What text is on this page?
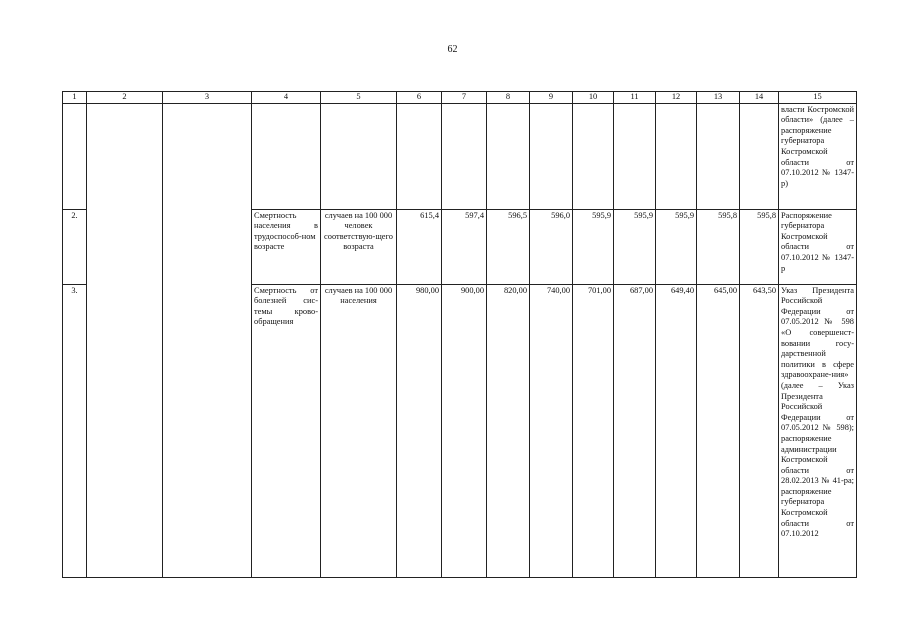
62
1	2	3	4	5	6	7	8	9	10	11	12	13	14	15
														власти Костромской области» (далее – распоряжение губернатора Костромской области от 07.10.2012 № 1347-р)
2.			Смертность населения в трудоспособ-ном возрасте	случаев на 100 000 человек соответствую-щего возраста	615,4	597,4	596,5	596,0	595,9	595,9	595,9	595,8	595,8	Распоряжение губернатора Костромской области от 07.10.2012 № 1347-р
3.			Смертность от болезней сис-темы крово-обращения	случаев на 100 000 населения	980,00	900,00	820,00	740,00	701,00	687,00	649,40	645,00	643,50	Указ Президента Российской Федерации от 07.05.2012 № 598 «О совершенст-вовании госу-дарственной политики в сфере здравоохране-ния» (далее – Указ Президента Российской Федерации от 07.05.2012 № 598); распоряжение администрации Костромской области от 28.02.2013 № 41-ра; распоряжение губернатора Костромской области от 07.10.2012
